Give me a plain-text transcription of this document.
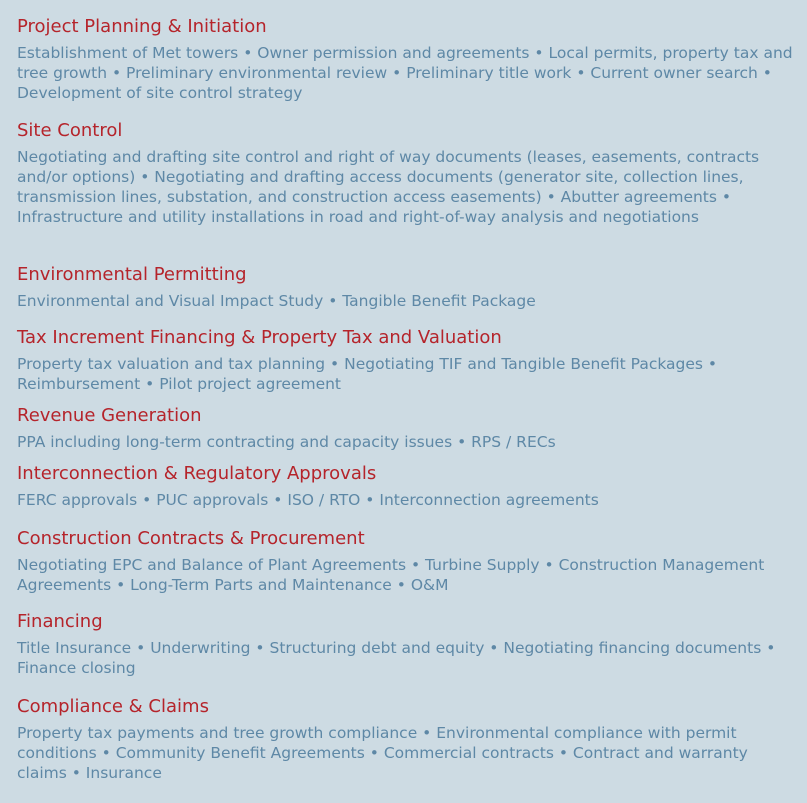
Project Planning & Initiation

Establishment of Met towers • Owner permission and agreements • Local permits, property tax and tree growth • Preliminary environmental review • Preliminary title work • Current owner search • Development of site control strategy

Site Control

Negotiating and drafting site control and right of way documents (leases, easements, contracts and/or options) • Negotiating and drafting access documents (generator site, collection lines, transmission lines, substation, and construction access easements) • Abutter agreements • Infrastructure and utility installations in road and right-of-way analysis and negotiations

Environmental Permitting

Environmental and Visual Impact Study • Tangible Benefit Package

Tax Increment Financing & Property Tax and Valuation

Property tax valuation and tax planning • Negotiating TIF and Tangible Benefit Packages • Reimbursement • Pilot project agreement

Revenue Generation

PPA including long-term contracting and capacity issues • RPS / RECs

Interconnection & Regulatory Approvals

FERC approvals • PUC approvals • ISO / RTO • Interconnection agreements

Construction Contracts & Procurement

Negotiating EPC and Balance of Plant Agreements • Turbine Supply • Construction Management Agreements • Long-Term Parts and Maintenance • O&M

Financing

Title Insurance • Underwriting • Structuring debt and equity • Negotiating financing documents • Finance closing

Compliance & Claims

Property tax payments and tree growth compliance • Environmental compliance with permit conditions • Community Benefit Agreements • Commercial contracts • Contract and warranty claims • Insurance
